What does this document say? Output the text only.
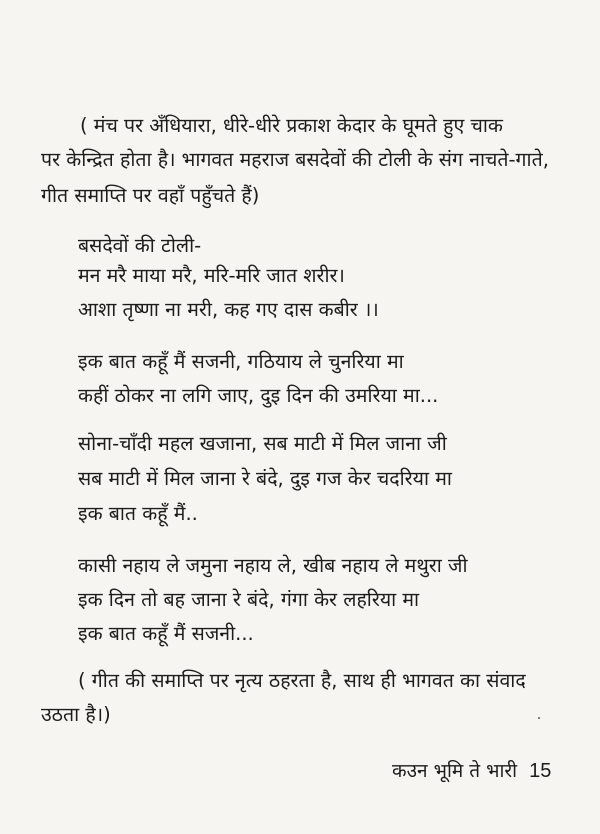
( मंच पर अँधियारा, धीरे-धीरे प्रकाश केदार के घूमते हुए चाक
पर केन्द्रित होता है। भागवत महराज बसदेवों की टोली के संग नाचते-गाते,
गीत समाप्ति पर वहाँ पहुँचते हैं)
बसदेवों की टोली-
मन मरै माया मरै, मरि-मरि जात शरीर।
आशा तृष्णा ना मरी, कह गए दास कबीर ।।
इक बात कहूँ मैं सजनी, गठियाय ले चुनरिया मा
कहीं ठोकर ना लगि जाए, दुइ दिन की उमरिया मा...
सोना-चाँदी महल खजाना, सब माटी में मिल जाना जी
सब माटी में मिल जाना रे बंदे, दुइ गज केर चदरिया मा
इक बात कहूँ मैं..
कासी नहाय ले जमुना नहाय ले, खीब नहाय ले मथुरा जी
इक दिन तो बह जाना रे बंदे, गंगा केर लहरिया मा
इक बात कहूँ मैं सजनी...
( गीत की समाप्ति पर नृत्य ठहरता है, साथ ही भागवत का संवाद
उठता है।)
कउन भूमि ते भारी 15
